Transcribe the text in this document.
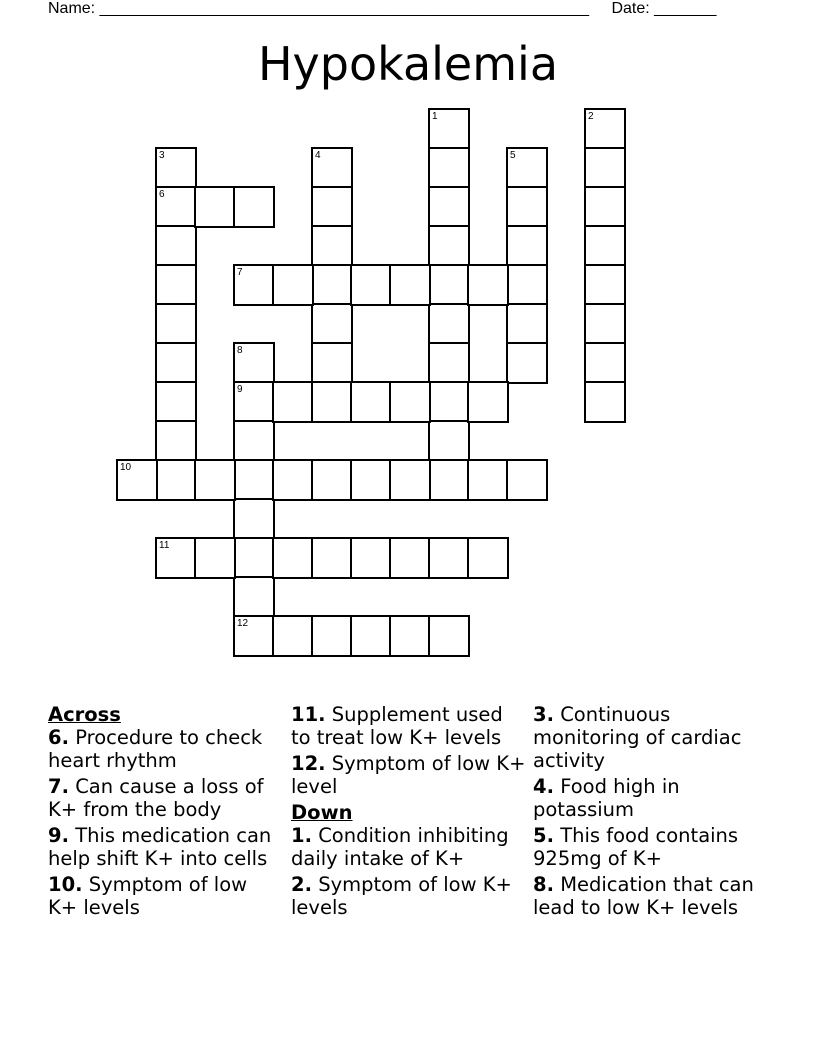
Name: _______________________________________________________ Date: _______
Hypokalemia
1	2
3
6
4	5
7
8
9
10
11
12
Across
6. Procedure to check heart rhythm
7. Can cause a loss of K+ from the body
9. This medication can help shift K+ into cells
10. Symptom of low K+ levels
11. Supplement used to treat low K+ levels
12. Symptom of low K+ level
Down
1. Condition inhibiting daily intake of K+
2. Symptom of low K+ levels
3. Continuous monitoring of cardiac activity
4. Food high in potassium
5. This food contains 925mg of K+
8. Medication that can lead to low K+ levels
